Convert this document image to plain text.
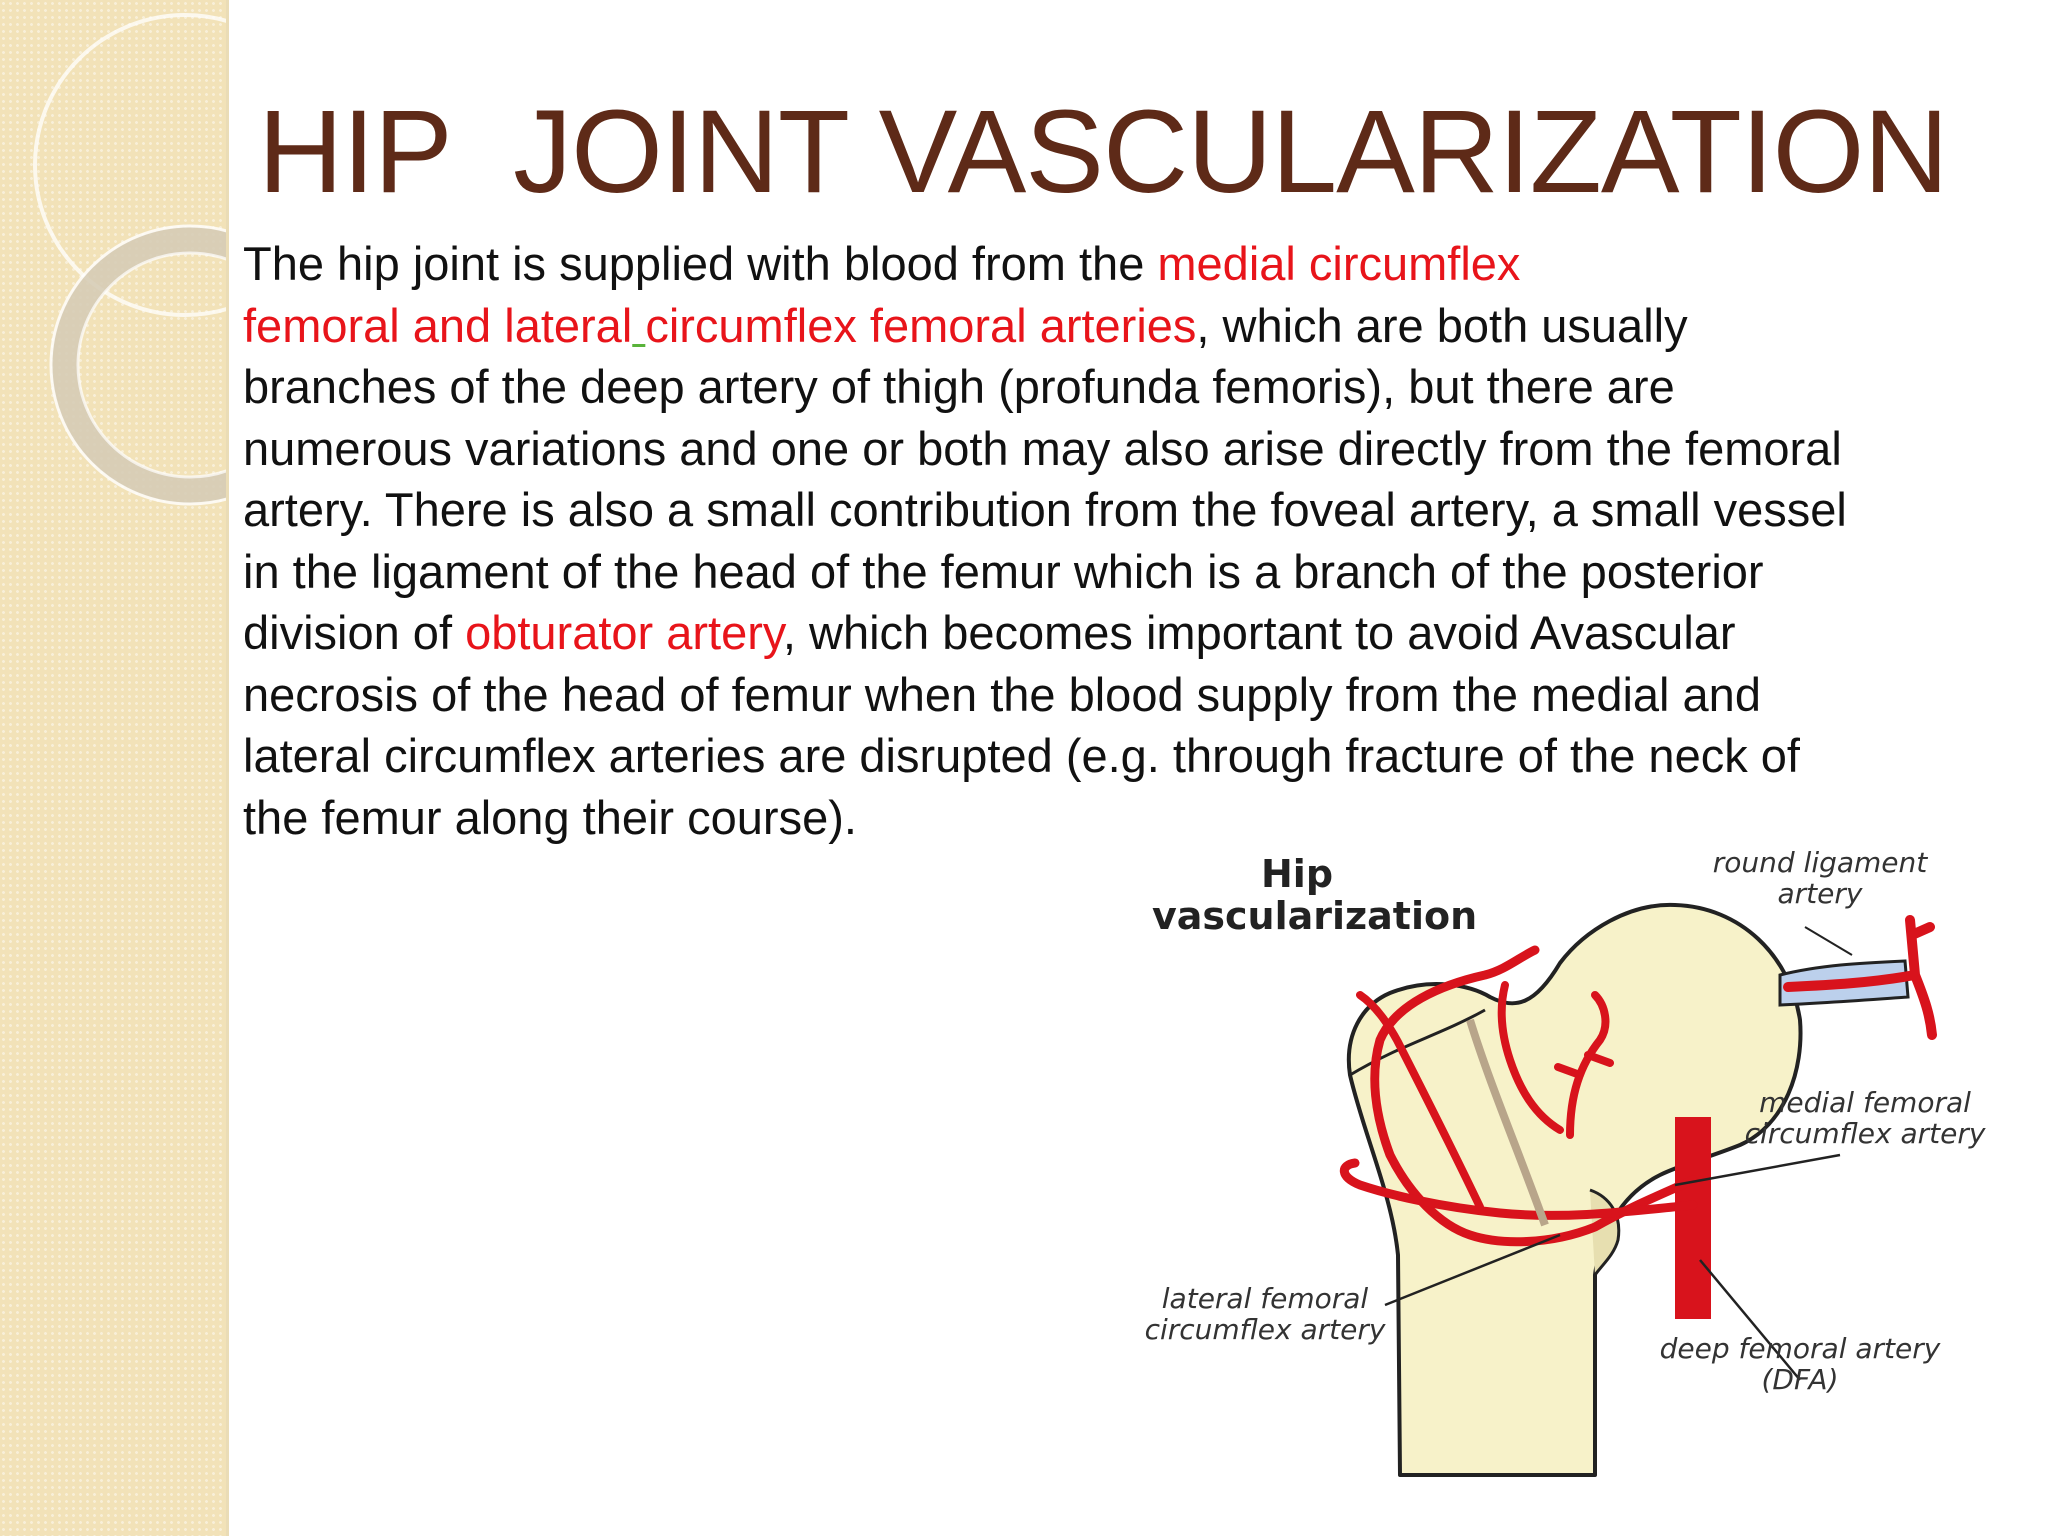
HIP  JOINT VASCULARIZATION
The hip joint is supplied with blood from the medial circumflex
femoral and lateral circumflex femoral arteries, which are both usually
branches of the deep artery of thigh (profunda femoris), but there are
numerous variations and one or both may also arise directly from the femoral
artery. There is also a small contribution from the foveal artery, a small vessel
in the ligament of the head of the femur which is a branch of the posterior
division of obturator artery, which becomes important to avoid Avascular
necrosis of the head of femur when the blood supply from the medial and
lateral circumflex arteries are disrupted (e.g. through fracture of the neck of
the femur along their course).
Hip
vascularization
round ligament
artery
medial femoral
circumflex artery
lateral femoral
circumflex artery
deep femoral artery
(DFA)
